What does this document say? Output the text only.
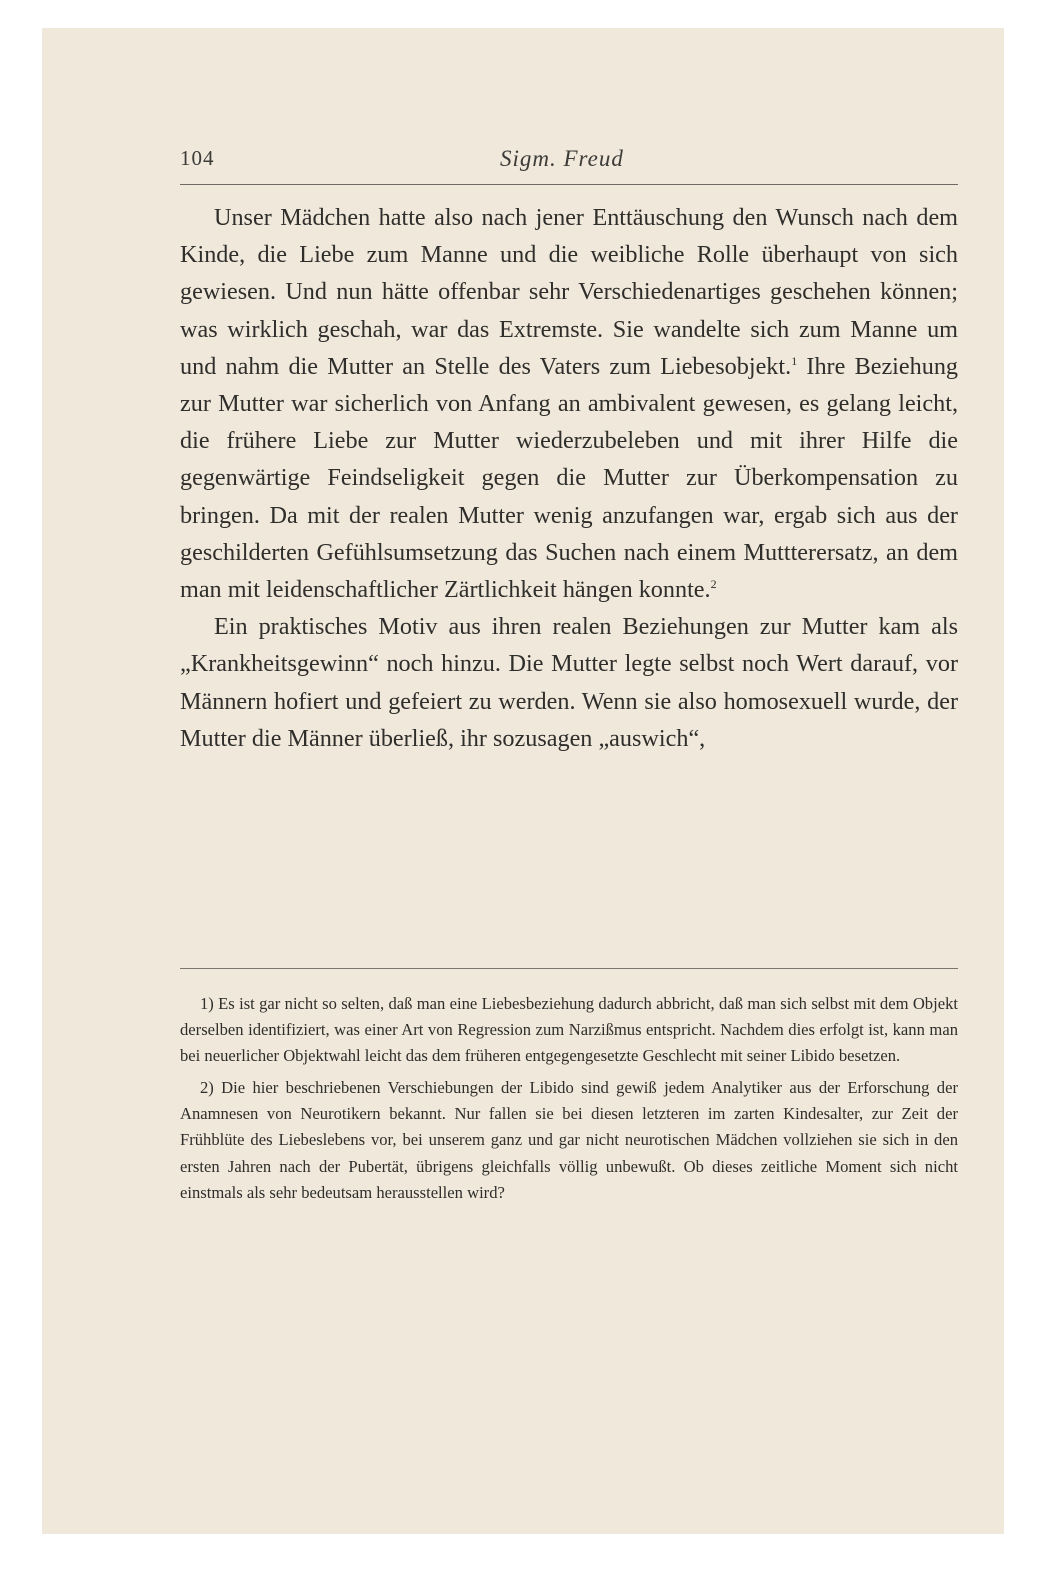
104	Sigm. Freud

Unser Mädchen hatte also nach jener Enttäuschung den Wunsch nach dem Kinde, die Liebe zum Manne und die weibliche Rolle überhaupt von sich gewiesen. Und nun hätte offenbar sehr Verschiedenartiges geschehen können; was wirklich geschah, war das Extremste. Sie wandelte sich zum Manne um und nahm die Mutter an Stelle des Vaters zum Liebesobjekt.$^1$ Ihre Beziehung zur Mutter war sicherlich von Anfang an ambivalent gewesen, es gelang leicht, die frühere Liebe zur Mutter wiederzubeleben und mit ihrer Hilfe die gegenwärtige Feindseligkeit gegen die Mutter zur Überkompensation zu bringen. Da mit der realen Mutter wenig anzufangen war, ergab sich aus der geschilderten Gefühlsumsetzung das Suchen nach einem Muttterersatz, an dem man mit leidenschaftlicher Zärtlichkeit hängen konnte.$^2$

Ein praktisches Motiv aus ihren realen Beziehungen zur Mutter kam als „Krankheitsgewinn“ noch hinzu. Die Mutter legte selbst noch Wert darauf, vor Männern hofiert und gefeiert zu werden. Wenn sie also homosexuell wurde, der Mutter die Männer überließ, ihr sozusagen „auswich“,

1) Es ist gar nicht so selten, daß man eine Liebesbeziehung dadurch abbricht, daß man sich selbst mit dem Objekt derselben identifiziert, was einer Art von Regression zum Narzißmus entspricht. Nachdem dies erfolgt ist, kann man bei neuerlicher Objektwahl leicht das dem früheren entgegengesetzte Geschlecht mit seiner Libido besetzen.

2) Die hier beschriebenen Verschiebungen der Libido sind gewiß jedem Analytiker aus der Erforschung der Anamnesen von Neurotikern bekannt. Nur fallen sie bei diesen letzteren im zarten Kindesalter, zur Zeit der Frühblüte des Liebeslebens vor, bei unserem ganz und gar nicht neurotischen Mädchen vollziehen sie sich in den ersten Jahren nach der Pubertät, übrigens gleichfalls völlig unbewußt. Ob dieses zeitliche Moment sich nicht einstmals als sehr bedeutsam herausstellen wird?
